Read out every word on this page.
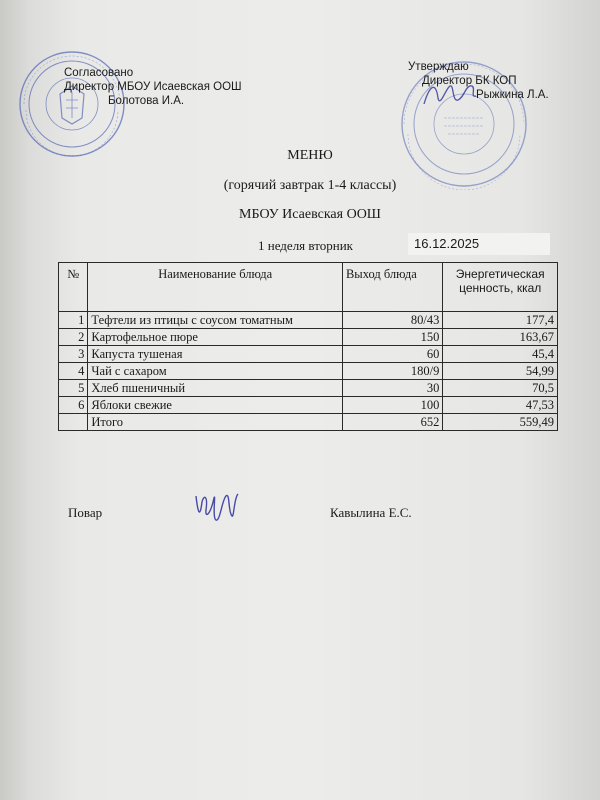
Согласовано
Директор МБОУ Исаевская ООШ
Болотова И.А.
Утверждаю
Директор БК КОП
Рыжкина Л.А.
МЕНЮ
(горячий завтрак 1-4 классы)
МБОУ Исаевская ООШ
1 неделя вторник	16.12.2025
№	Наименование блюда	Выход блюда	Энергетическая ценность, ккал
1	Тефтели из птицы с соусом томатным	80/43	177,4
2	Картофельное пюре	150	163,67
3	Капуста тушеная	60	45,4
4	Чай с сахаром	180/9	54,99
5	Хлеб пшеничный	30	70,5
6	Яблоки свежие	100	47,53
	Итого	652	559,49
Повар	Кавылина Е.С.
